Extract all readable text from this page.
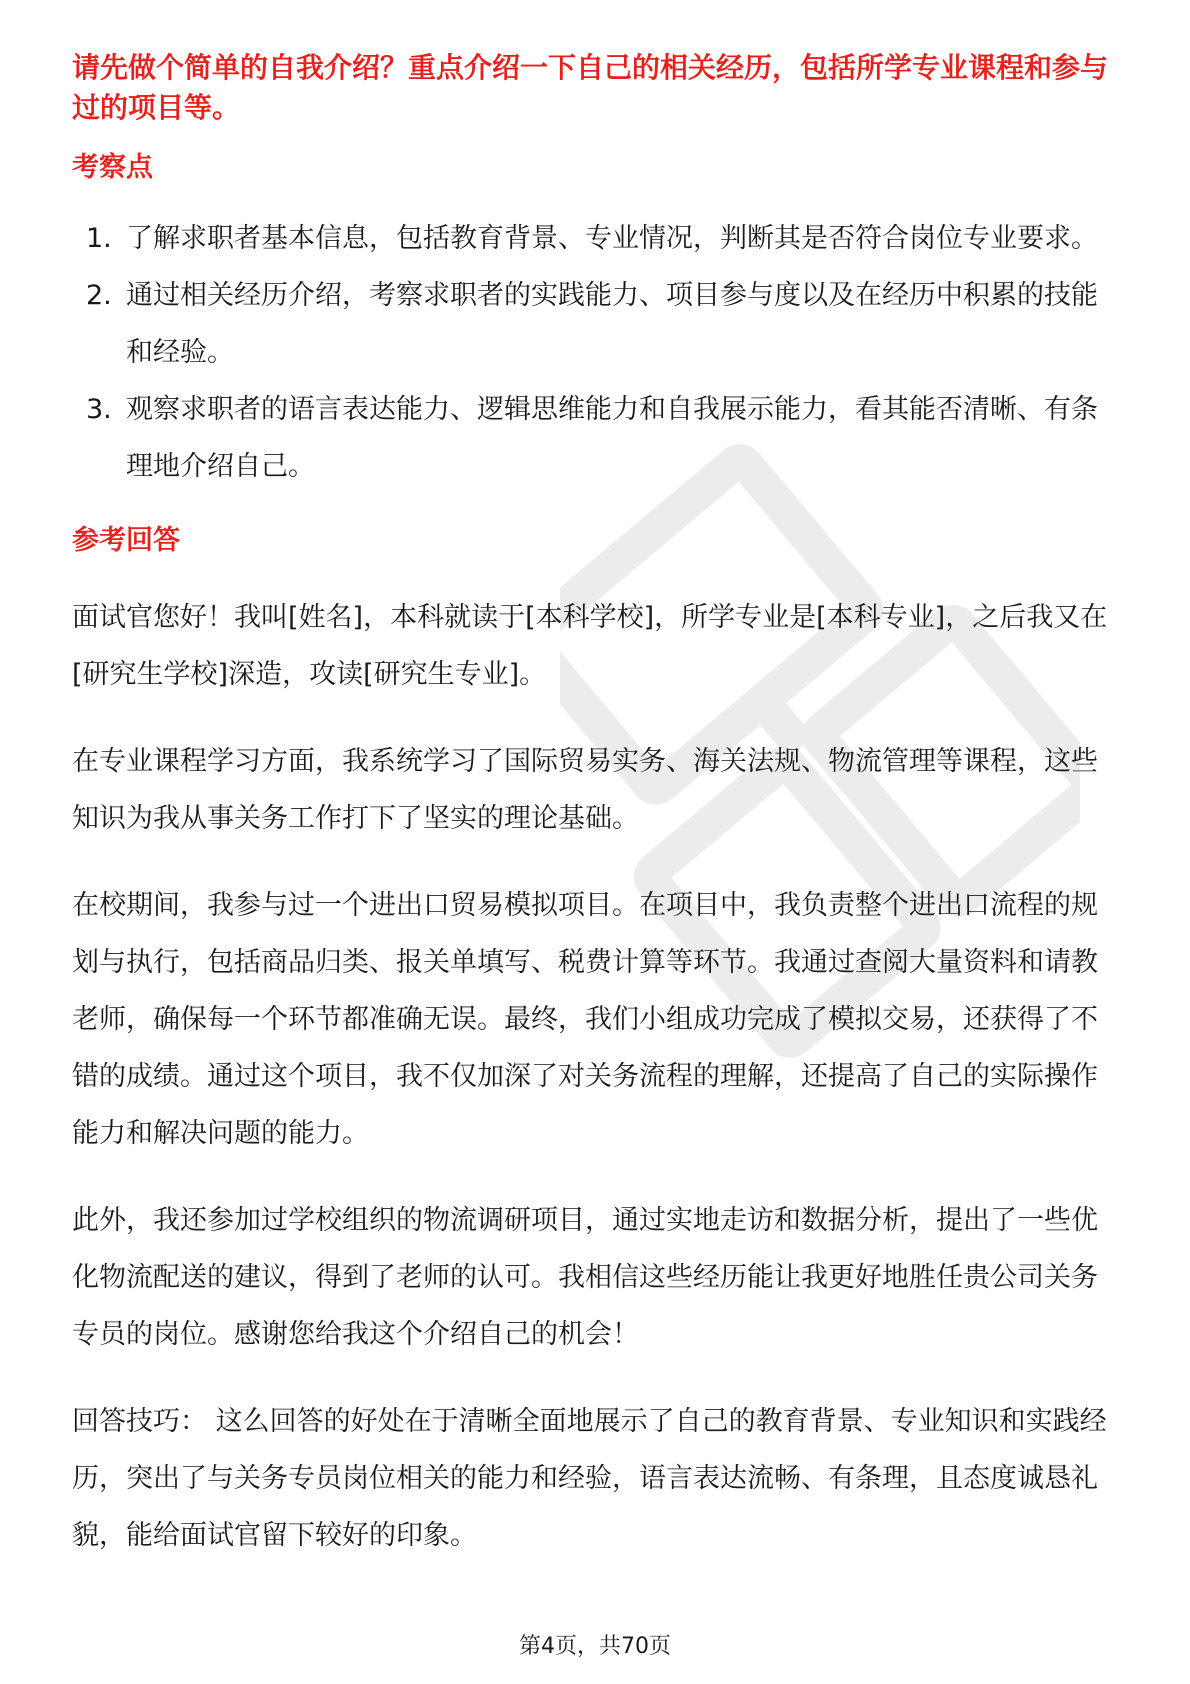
请先做个简单的自我介绍？重点介绍一下自己的相关经历，包括所学专业课程和参与过的项目等。

考察点
1. 了解求职者基本信息，包括教育背景、专业情况，判断其是否符合岗位专业要求。
2. 通过相关经历介绍，考察求职者的实践能力、项目参与度以及在经历中积累的技能和经验。
3. 观察求职者的语言表达能力、逻辑思维能力和自我展示能力，看其能否清晰、有条理地介绍自己。
参考回答

面试官您好！我叫[姓名]，本科就读于[本科学校]，所学专业是[本科专业]，之后我又在[研究生学校]深造，攻读[研究生专业]。

在专业课程学习方面，我系统学习了国际贸易实务、海关法规、物流管理等课程，这些知识为我从事关务工作打下了坚实的理论基础。

在校期间，我参与过一个进出口贸易模拟项目。在项目中，我负责整个进出口流程的规划与执行，包括商品归类、报关单填写、税费计算等环节。我通过查阅大量资料和请教老师，确保每一个环节都准确无误。最终，我们小组成功完成了模拟交易，还获得了不错的成绩。通过这个项目，我不仅加深了对关务流程的理解，还提高了自己的实际操作能力和解决问题的能力。

此外，我还参加过学校组织的物流调研项目，通过实地走访和数据分析，提出了一些优化物流配送的建议，得到了老师的认可。我相信这些经历能让我更好地胜任贵公司关务专员的岗位。感谢您给我这个介绍自己的机会！

回答技巧： 这么回答的好处在于清晰全面地展示了自己的教育背景、专业知识和实践经历，突出了与关务专员岗位相关的能力和经验，语言表达流畅、有条理，且态度诚恳礼貌，能给面试官留下较好的印象。

第4页，共70页
